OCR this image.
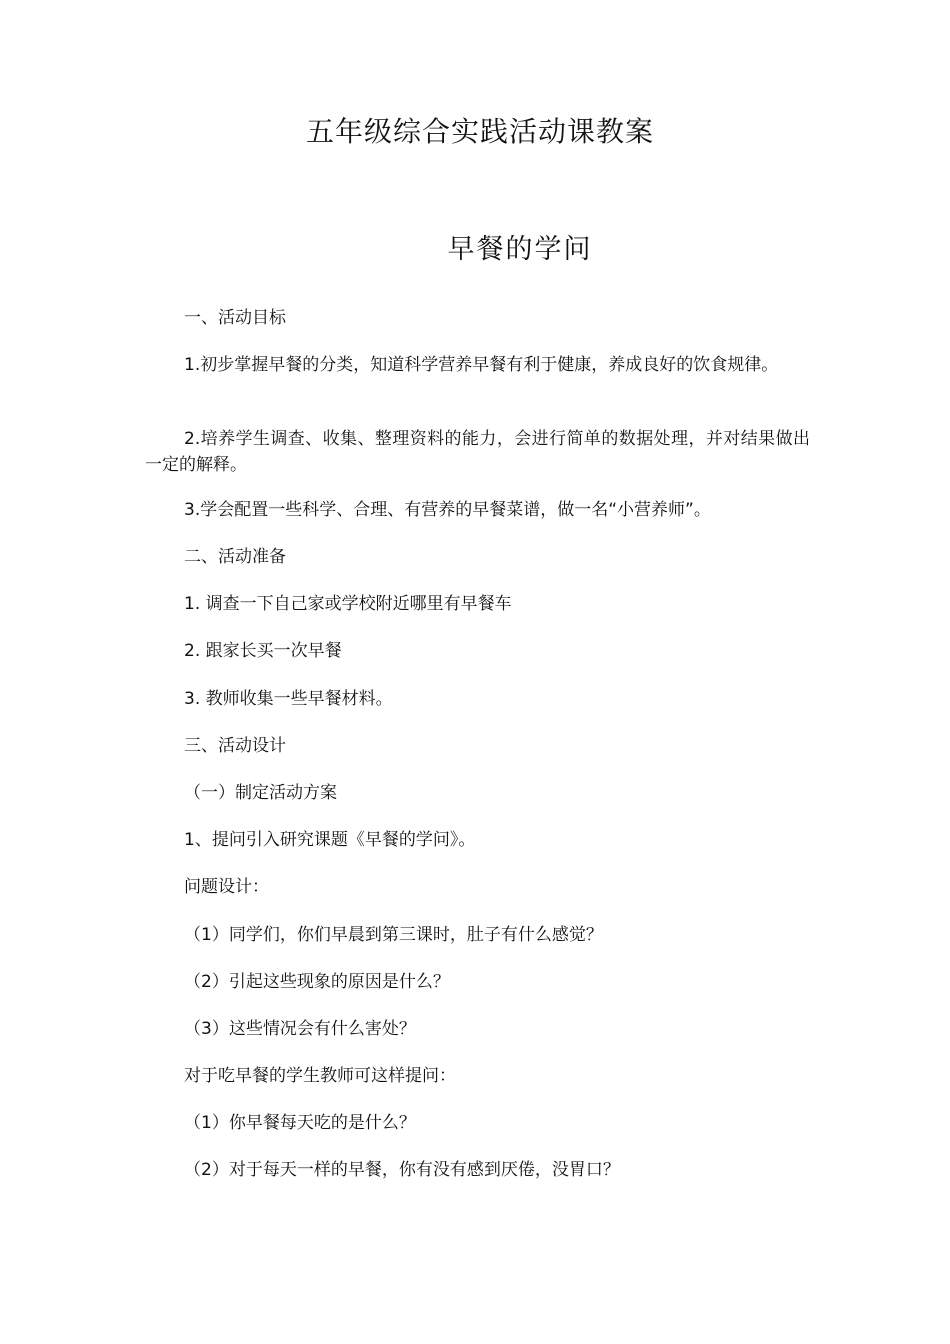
五年级综合实践活动课教案
早餐的学问
一、活动目标
1.初步掌握早餐的分类，知道科学营养早餐有利于健康，养成良好的饮食规律。
2.培养学生调查、收集、整理资料的能力，会进行简单的数据处理，并对结果做出一定的解释。
3.学会配置一些科学、合理、有营养的早餐菜谱，做一名“小营养师”。
二、活动准备
1. 调查一下自己家或学校附近哪里有早餐车
2. 跟家长买一次早餐
3. 教师收集一些早餐材料。
三、活动设计
（一）制定活动方案
1、提问引入研究课题《早餐的学问》。
问题设计：
（1）同学们，你们早晨到第三课时，肚子有什么感觉？
（2）引起这些现象的原因是什么？
（3）这些情况会有什么害处？
对于吃早餐的学生教师可这样提问：
（1）你早餐每天吃的是什么？
（2）对于每天一样的早餐，你有没有感到厌倦，没胃口？
